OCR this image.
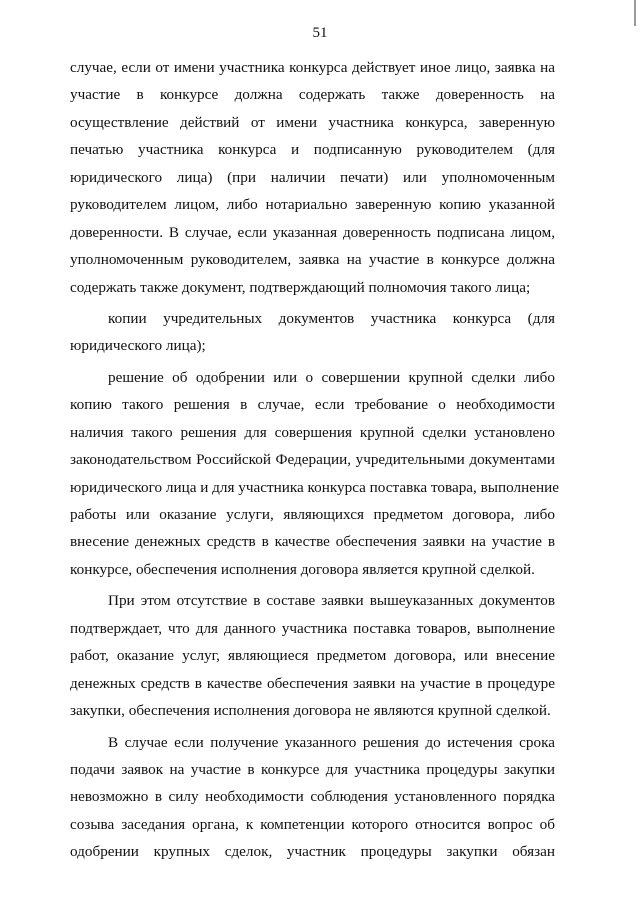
51
случае, если от имени участника конкурса действует иное лицо, заявка на
участие в конкурсе должна содержать также доверенность на
осуществление действий от имени участника конкурса, заверенную
печатью участника конкурса и подписанную руководителем (для
юридического лица) (при наличии печати) или уполномоченным
руководителем лицом, либо нотариально заверенную копию указанной
доверенности. В случае, если указанная доверенность подписана лицом,
уполномоченным руководителем, заявка на участие в конкурсе должна
содержать также документ, подтверждающий полномочия такого лица;
копии учредительных документов участника конкурса (для
юридического лица);
решение об одобрении или о совершении крупной сделки либо
копию такого решения в случае, если требование о необходимости
наличия такого решения для совершения крупной сделки установлено
законодательством Российской Федерации, учредительными документами
юридического лица и для участника конкурса поставка товара, выполнение
работы или оказание услуги, являющихся предметом договора, либо
внесение денежных средств в качестве обеспечения заявки на участие в
конкурсе, обеспечения исполнения договора является крупной сделкой.
При этом отсутствие в составе заявки вышеуказанных документов
подтверждает, что для данного участника поставка товаров, выполнение
работ, оказание услуг, являющиеся предметом договора, или внесение
денежных средств в качестве обеспечения заявки на участие в процедуре
закупки, обеспечения исполнения договора не являются крупной сделкой.
В случае если получение указанного решения до истечения срока
подачи заявок на участие в конкурсе для участника процедуры закупки
невозможно в силу необходимости соблюдения установленного порядка
созыва заседания органа, к компетенции которого относится вопрос об
одобрении крупных сделок, участник процедуры закупки обязан
